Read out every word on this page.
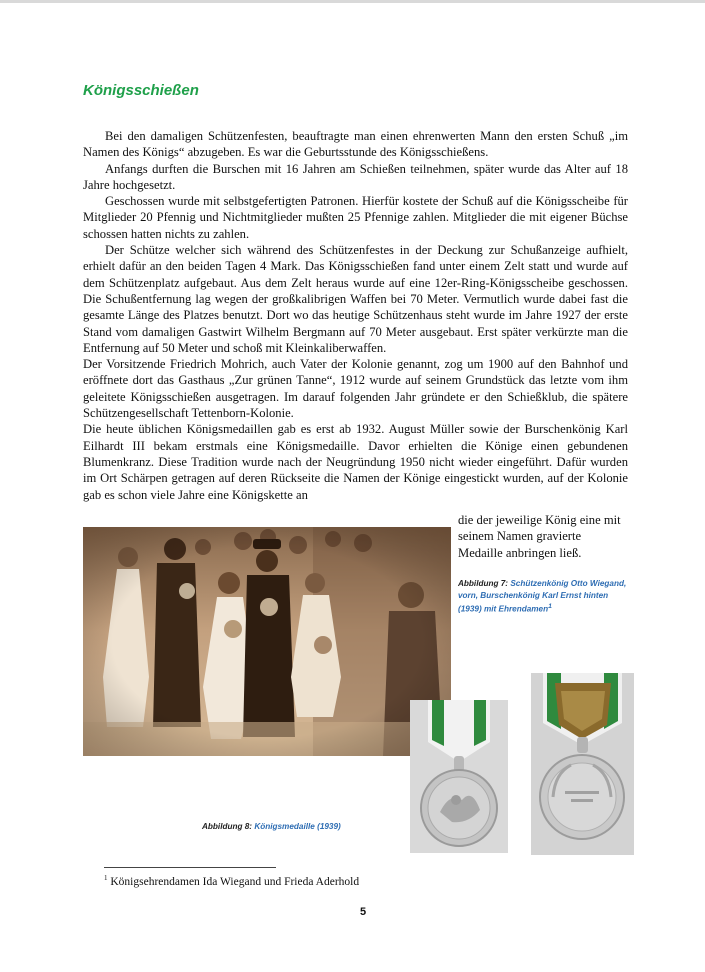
Königsschießen

Bei den damaligen Schützenfesten, beauftragte man einen ehrenwerten Mann den ersten Schuß „im Namen des Königs“ abzugeben. Es war die Geburtsstunde des Königsschießens.

Anfangs durften die Burschen mit 16 Jahren am Schießen teilnehmen, später wurde das Alter auf 18 Jahre hochgesetzt.

Geschossen wurde mit selbstgefertigten Patronen. Hierfür kostete der Schuß auf die Königsscheibe für Mitglieder 20 Pfennig und Nichtmitglieder mußten 25 Pfennige zahlen. Mitglieder die mit eigener Büchse schossen hatten nichts zu zahlen.

Der Schütze welcher sich während des Schützenfestes in der Deckung zur Schußanzeige aufhielt, erhielt dafür an den beiden Tagen 4 Mark. Das Königsschießen fand unter einem Zelt statt und wurde auf dem Schützenplatz aufgebaut. Aus dem Zelt heraus wurde auf eine 12er-Ring-Königsscheibe geschossen. Die Schußentfernung lag wegen der großkalibrigen Waffen bei 70 Meter. Vermutlich wurde dabei fast die gesamte Länge des Platzes benutzt. Dort wo das heutige Schützenhaus steht wurde im Jahre 1927 der erste Stand vom damaligen Gastwirt Wilhelm Bergmann auf 70 Meter ausgebaut. Erst später verkürzte man die Entfernung auf 50 Meter und schoß mit Kleinkaliberwaffen.

Der Vorsitzende Friedrich Mohrich, auch Vater der Kolonie genannt, zog um 1900 auf den Bahnhof und eröffnete dort das Gasthaus „Zur grünen Tanne“, 1912 wurde auf seinem Grundstück das letzte vom ihm geleitete Königsschießen ausgetragen. Im darauf folgenden Jahr gründete er den Schießklub, die spätere Schützengesellschaft Tettenborn-Kolonie.

Die heute üblichen Königsmedaillen gab es erst ab 1932. August Müller sowie der Burschenkönig Karl Eilhardt III bekam erstmals eine Königsmedaille. Davor erhielten die Könige einen gebundenen Blumenkranz. Diese Tradition wurde nach der Neugründung 1950 nicht wieder eingeführt. Dafür wurden im Ort Schärpen getragen auf deren Rückseite die Namen der Könige eingestickt wurden, auf der Kolonie gab es schon viele Jahre eine Königskette an

die der jeweilige König eine mit seinem Namen gravierte Medaille anbringen ließ.
Abbildung 7: Schützenkönig Otto Wiegand, vorn, Burschenkönig Karl Ernst hinten (1939) mit Ehrendamen$^1$
Abbildung 8: Königsmedaille (1939)
$^1$ Königsehrendamen Ida Wiegand und Frieda Aderhold
5
